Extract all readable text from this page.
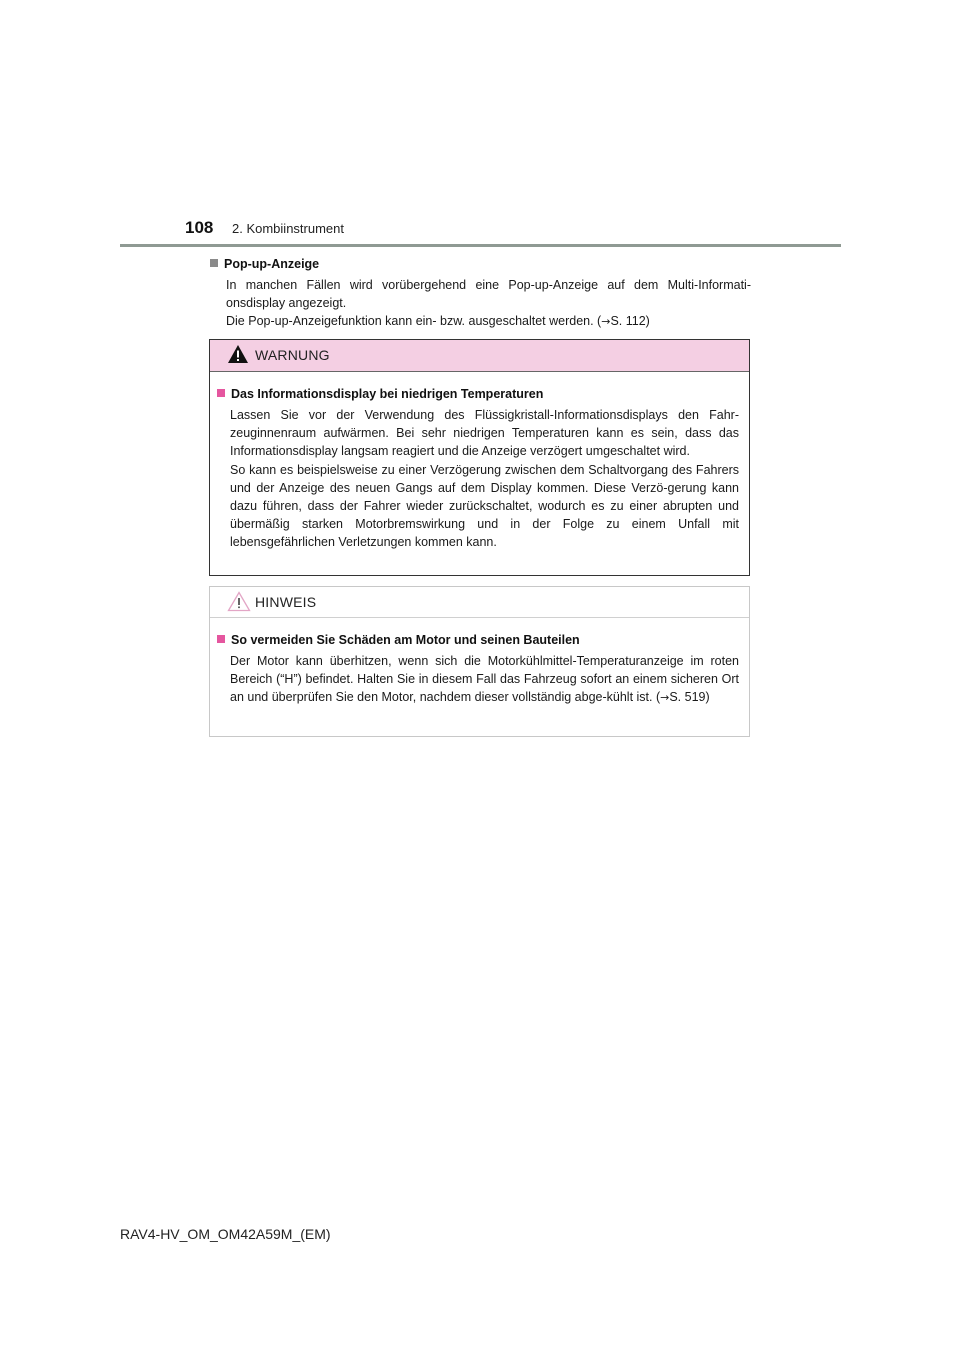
108 2. Kombiinstrument
Pop-up-Anzeige

In manchen Fällen wird vorübergehend eine Pop-up-Anzeige auf dem Multi-Informati-onsdisplay angezeigt.

Die Pop-up-Anzeigefunktion kann ein- bzw. ausgeschaltet werden. (→S. 112)

WARNUNG
Das Informationsdisplay bei niedrigen Temperaturen

Lassen Sie vor der Verwendung des Flüssigkristall-Informationsdisplays den Fahr-zeuginnenraum aufwärmen. Bei sehr niedrigen Temperaturen kann es sein, dass das Informationsdisplay langsam reagiert und die Anzeige verzögert umgeschaltet wird.

So kann es beispielsweise zu einer Verzögerung zwischen dem Schaltvorgang des Fahrers und der Anzeige des neuen Gangs auf dem Display kommen. Diese Verzö-gerung kann dazu führen, dass der Fahrer wieder zurückschaltet, wodurch es zu einer abrupten und übermäßig starken Motorbremswirkung und in der Folge zu einem Unfall mit lebensgefährlichen Verletzungen kommen kann.

HINWEIS
So vermeiden Sie Schäden am Motor und seinen Bauteilen

Der Motor kann überhitzen, wenn sich die Motorkühlmittel-Temperaturanzeige im roten Bereich (“H”) befindet. Halten Sie in diesem Fall das Fahrzeug sofort an einem sicheren Ort an und überprüfen Sie den Motor, nachdem dieser vollständig abge-kühlt ist. (→S. 519)

RAV4-HV_OM_OM42A59M_(EM)
